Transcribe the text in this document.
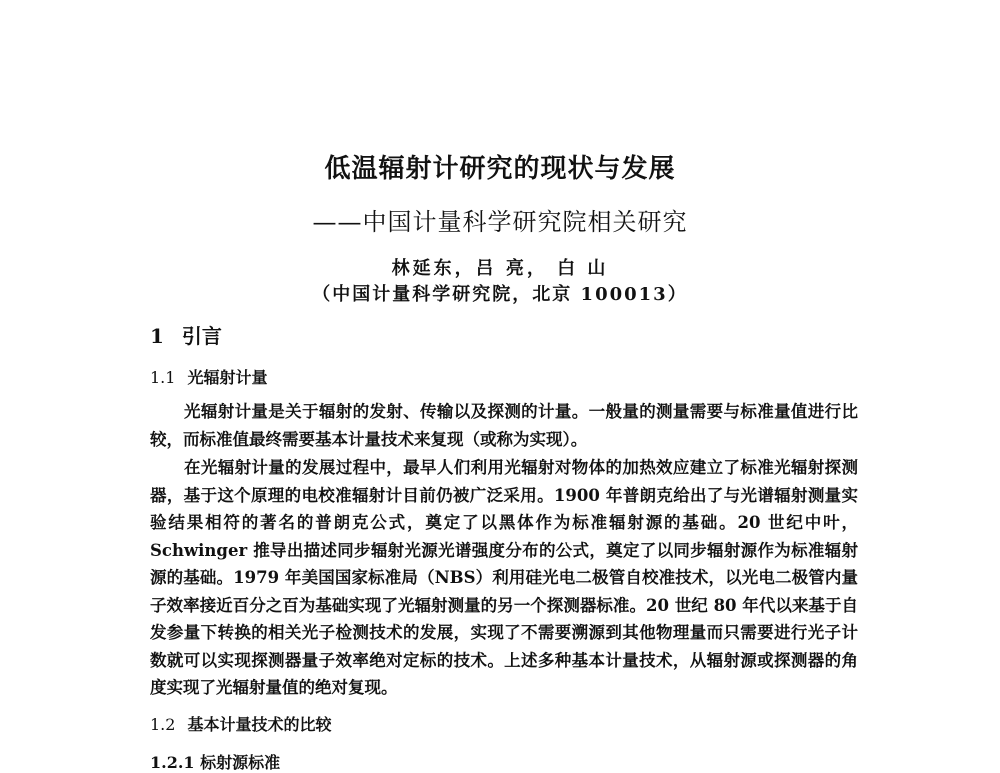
低温辐射计研究的现状与发展
——中国计量科学研究院相关研究
林延东，吕 亮， 白 山
（中国计量科学研究院，北京 100013）
1 引言
1.1 光辐射计量

光辐射计量是关于辐射的发射、传输以及探测的计量。一般量的测量需要与标准量值进行比较，而标准值最终需要基本计量技术来复现（或称为实现）。

在光辐射计量的发展过程中，最早人们利用光辐射对物体的加热效应建立了标准光辐射探测器，基于这个原理的电校准辐射计目前仍被广泛采用。1900 年普朗克给出了与光谱辐射测量实验结果相符的著名的普朗克公式，奠定了以黑体作为标准辐射源的基础。20 世纪中叶，Schwinger 推导出描述同步辐射光源光谱强度分布的公式，奠定了以同步辐射源作为标准辐射源的基础。1979 年美国国家标准局（NBS）利用硅光电二极管自校准技术，以光电二极管内量子效率接近百分之百为基础实现了光辐射测量的另一个探测器标准。20 世纪 80 年代以来基于自发参量下转换的相关光子检测技术的发展，实现了不需要溯源到其他物理量而只需要进行光子计数就可以实现探测器量子效率绝对定标的技术。上述多种基本计量技术，从辐射源或探测器的角度实现了光辐射量值的绝对复现。

1.2 基本计量技术的比较
1.2.1 标射源标准
